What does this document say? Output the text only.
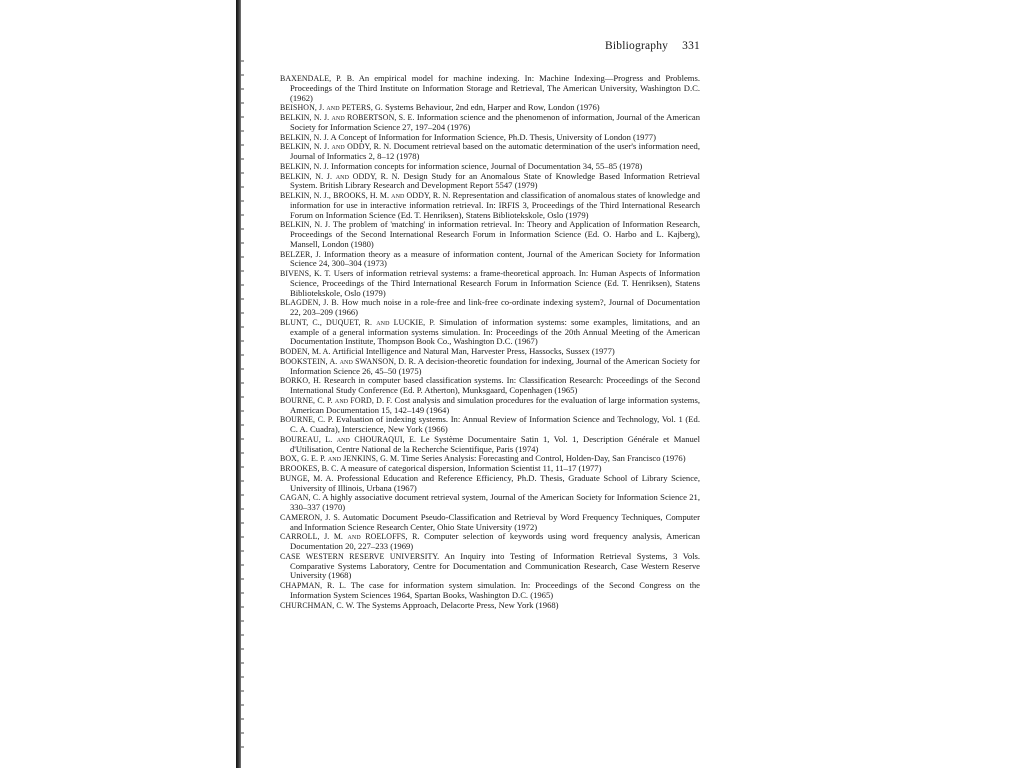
Bibliography 331
BAXENDALE, P. B. An empirical model for machine indexing. In: Machine Indexing—Progress and Problems. Proceedings of the Third Institute on Information Storage and Retrieval, The American University, Washington D.C. (1962)
BEISHON, J. and PETERS, G. Systems Behaviour, 2nd edn, Harper and Row, London (1976)
BELKIN, N. J. and ROBERTSON, S. E. Information science and the phenomenon of information, Journal of the American Society for Information Science 27, 197–204 (1976)
BELKIN, N. J. A Concept of Information for Information Science, Ph.D. Thesis, University of London (1977)
BELKIN, N. J. and ODDY, R. N. Document retrieval based on the automatic determination of the user's information need, Journal of Informatics 2, 8–12 (1978)
BELKIN, N. J. Information concepts for information science, Journal of Documentation 34, 55–85 (1978)
BELKIN, N. J. and ODDY, R. N. Design Study for an Anomalous State of Knowledge Based Information Retrieval System. British Library Research and Development Report 5547 (1979)
BELKIN, N. J., BROOKS, H. M. and ODDY, R. N. Representation and classification of anomalous states of knowledge and information for use in interactive information retrieval. In: IRFIS 3, Proceedings of the Third International Research Forum on Information Science (Ed. T. Henriksen), Statens Bibliotekskole, Oslo (1979)
BELKIN, N. J. The problem of 'matching' in information retrieval. In: Theory and Application of Information Research, Proceedings of the Second International Research Forum in Information Science (Ed. O. Harbo and L. Kajberg), Mansell, London (1980)
BELZER, J. Information theory as a measure of information content, Journal of the American Society for Information Science 24, 300–304 (1973)
BIVENS, K. T. Users of information retrieval systems: a frame-theoretical approach. In: Human Aspects of Information Science, Proceedings of the Third International Research Forum in Information Science (Ed. T. Henriksen), Statens Bibliotekskole, Oslo (1979)
BLAGDEN, J. B. How much noise in a role-free and link-free co-ordinate indexing system?, Journal of Documentation 22, 203–209 (1966)
BLUNT, C., DUQUET, R. and LUCKIE, P. Simulation of information systems: some examples, limitations, and an example of a general information systems simulation. In: Proceedings of the 20th Annual Meeting of the American Documentation Institute, Thompson Book Co., Washington D.C. (1967)
BODEN, M. A. Artificial Intelligence and Natural Man, Harvester Press, Hassocks, Sussex (1977)
BOOKSTEIN, A. and SWANSON, D. R. A decision-theoretic foundation for indexing, Journal of the American Society for Information Science 26, 45–50 (1975)
BORKO, H. Research in computer based classification systems. In: Classification Research: Proceedings of the Second International Study Conference (Ed. P. Atherton), Munksgaard, Copenhagen (1965)
BOURNE, C. P. and FORD, D. F. Cost analysis and simulation procedures for the evaluation of large information systems, American Documentation 15, 142–149 (1964)
BOURNE, C. P. Evaluation of indexing systems. In: Annual Review of Information Science and Technology, Vol. 1 (Ed. C. A. Cuadra), Interscience, New York (1966)
BOUREAU, L. and CHOURAQUI, E. Le Système Documentaire Satin 1, Vol. 1, Description Générale et Manuel d'Utilisation, Centre National de la Recherche Scientifique, Paris (1974)
BOX, G. E. P. and JENKINS, G. M. Time Series Analysis: Forecasting and Control, Holden-Day, San Francisco (1976)
BROOKES, B. C. A measure of categorical dispersion, Information Scientist 11, 11–17 (1977)
BUNGE, M. A. Professional Education and Reference Efficiency, Ph.D. Thesis, Graduate School of Library Science, University of Illinois, Urbana (1967)
CAGAN, C. A highly associative document retrieval system, Journal of the American Society for Information Science 21, 330–337 (1970)
CAMERON, J. S. Automatic Document Pseudo-Classification and Retrieval by Word Frequency Techniques, Computer and Information Science Research Center, Ohio State University (1972)
CARROLL, J. M. and ROELOFFS, R. Computer selection of keywords using word frequency analysis, American Documentation 20, 227–233 (1969)
CASE WESTERN RESERVE UNIVERSITY. An Inquiry into Testing of Information Retrieval Systems, 3 Vols. Comparative Systems Laboratory, Centre for Documentation and Communication Research, Case Western Reserve University (1968)
CHAPMAN, R. L. The case for information system simulation. In: Proceedings of the Second Congress on the Information System Sciences 1964, Spartan Books, Washington D.C. (1965)
CHURCHMAN, C. W. The Systems Approach, Delacorte Press, New York (1968)
